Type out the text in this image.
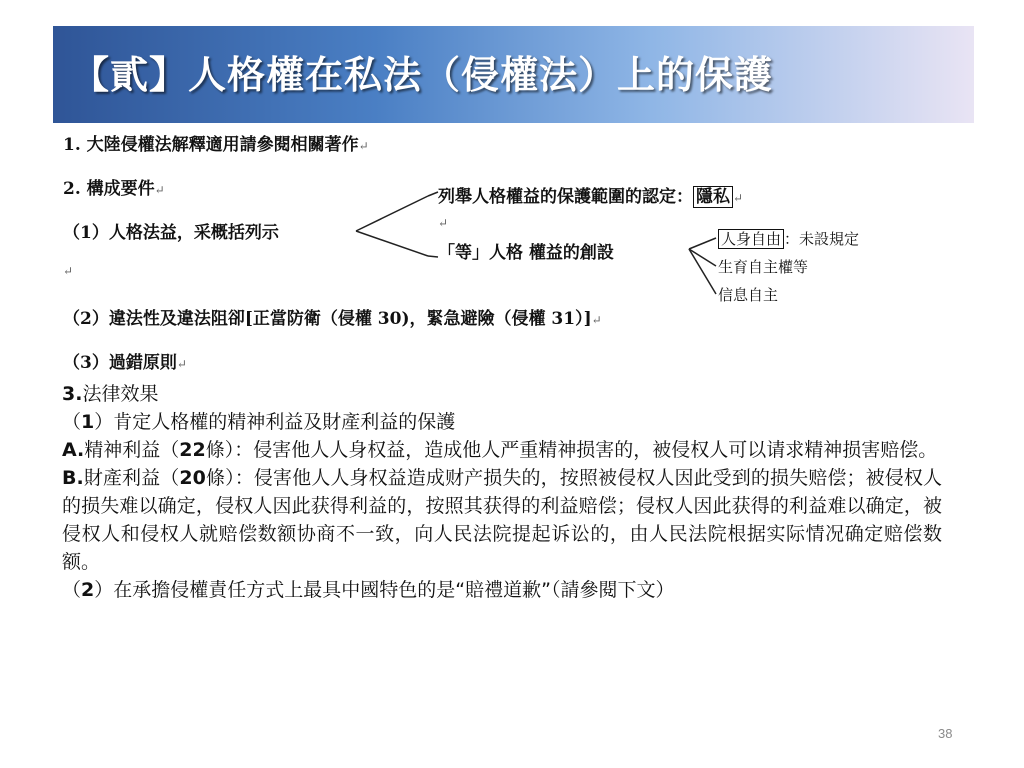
【貳】人格權在私法（侵權法）上的保護
1. 大陸侵權法解釋適用請參閱相關著作↵
2. 構成要件↵
（1）人格法益，采概括列示
列舉人格權益的保護範圍的認定： 隱私 ↵
↵
「等」人格 權益的創設
人身自由 ：未設規定
生育自主權等
信息自主
↵
（2）違法性及違法阻卻[正當防衛（侵權 30)，緊急避險（侵權 31）]↵
（3）過錯原則↵
3.法律效果
（1）肯定人格權的精神利益及財產利益的保護
A.精神利益（22條）：侵害他人人身权益，造成他人严重精神损害的，被侵权人可以请求精神损害赔偿。
B.財產利益（20條）：侵害他人人身权益造成财产损失的，按照被侵权人因此受到的损失赔偿；被侵权人的损失难以确定，侵权人因此获得利益的，按照其获得的利益赔偿；侵权人因此获得的利益难以确定，被侵权人和侵权人就赔偿数额协商不一致，向人民法院提起诉讼的，由人民法院根据实际情况确定赔偿数额。
（2）在承擔侵權責任方式上最具中國特色的是“賠禮道歉”（請參閱下文）
38
